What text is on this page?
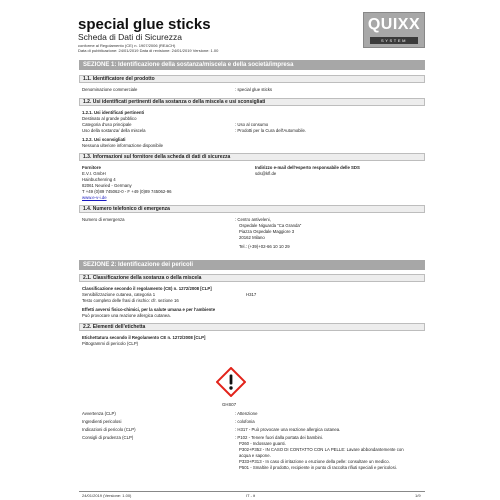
special glue sticks
Scheda di Dati di Sicurezza
conforme al Regolamento (CE) n. 1907/2006 (REACH)
Data di pubblicazione: 24/01/2019 Data di revisione: 24/01/2019 Versione: 1.00
QUIXX
SYSTEM
SEZIONE 1: Identificazione della sostanza/miscela e della società/impresa
1.1. Identificatore del prodotto
Denominazione commerciale	: special glue sticks
1.2. Usi identificati pertinenti della sostanza o della miscela e usi sconsigliati
1.2.1. Usi identificati pertinenti
Destinato al grande pubblico
Categoria d'uso principale	: Uso al consumo
Uso della sostanza/ della miscela	: Prodotti per la Cura dell'Automobile.
1.2.2. Usi sconsigliati
Nessuna ulteriore informazione disponibile
1.3. Informazioni sul fornitore della scheda di dati di sicurezza
Fornitore	Indirizzo e-mail dell'esperto responsabile delle SDS
E.V.I. GmbH	sds@kfl.de
Hainbuchenring 4
82061 Neuried - Germany
T +49 (0)89 745062-0 - F +49 (0)89 745062-96
www.e-v-i.de
1.4. Numero telefonico di emergenza
Numero di emergenza	: Centro antiveleni,
Ospedale Niguarda "Ca Granda"
Piazza Ospedale Maggiore 3
20162 Milano
Tel.: (+39)+02-66 10 10 29
SEZIONE 2: Identificazione dei pericoli
2.1. Classificazione della sostanza o della miscela
Classificazione secondo il regolamento (CE) n. 1272/2008 [CLP]
Sensibilizzazione cutanea, categoria 1	H317
Testo completo delle frasi di rischio: cfr. sezione 16
Effetti avversi fisico-chimici, per la salute umana e per l'ambiente
Può provocare una reazione allergica cutanea.
2.2. Elementi dell'etichetta
Etichettatura secondo il Regolamento CE n. 1272/2008 [CLP]
Pittogrammi di pericolo (CLP)
GHS07
Avvertenza (CLP)	: Attenzione
Ingredienti pericolosi	: colofonia
Indicazioni di pericolo (CLP)	: H317 - Può provocare una reazione allergica cutanea.
Consigli di prudenza (CLP)	: P102 - Tenere fuori dalla portata dei bambini.
P260 - Indossare guanti.
P302+P352 - IN CASO DI CONTATTO CON LA PELLE: Lavare abbondantemente con
acqua e sapone.
P333+P313 - In caso di irritazione o eruzione della pelle: consultare un medico.
P501 - Smaltire il prodotto, recipiente in punto di raccolta rifiuti speciali e pericolosi.
24/01/2019 (Versione: 1.00)	IT - it	1/9
